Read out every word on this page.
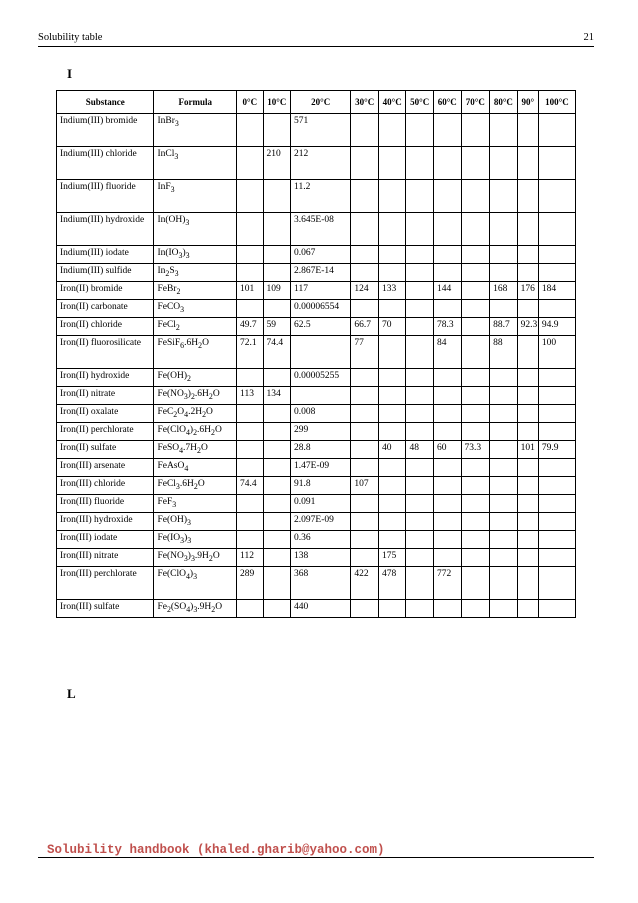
Solubility table	21
I
Substance	Formula	0°C	10°C	20°C	30°C	40°C	50°C	60°C	70°C	80°C	90°	100°C
Indium(III) bromide	InBr$_3$			571								
Indium(III) chloride	InCl$_3$		210	212								
Indium(III) fluoride	InF$_3$			11.2								
Indium(III) hydroxide	$In(OH)_3$			3.645E-08								
Indium(III) iodate	$In(IO_3)_3$			0.067								
Indium(III) sulfide	$In_2S_3$			2.867E-14								
Iron(II) bromide	FeBr$_2$	101	109	117	124	133		144		168	176	184
Iron(II) carbonate	FeCO$_3$			0.00006554								
Iron(II) chloride	FeCl$_2$	49.7	59	62.5	66.7	70		78.3		88.7	92.3	94.9
Iron(II) fluorosilicate	$FeSiF_6.6H_2O$	72.1	74.4		77			84		88		100
Iron(II) hydroxide	$Fe(OH)_2$			0.00005255								
Iron(II) nitrate	$Fe(NO_3)_2.6H_2O$	113	134									
Iron(II) oxalate	$FeC_2O_4.2H_2O$			0.008								
Iron(II) perchlorate	$Fe(ClO_4)_2.6H_2O$			299								
Iron(II) sulfate	$FeSO_4.7H_2O$			28.8		40	48	60	73.3		101	79.9
Iron(III) arsenate	FeAsO$_4$			1.47E-09								
Iron(III) chloride	$FeCl_3.6H_2O$	74.4		91.8	107							
Iron(III) fluoride	FeF$_3$			0.091								
Iron(III) hydroxide	$Fe(OH)_3$			2.097E-09								
Iron(III) iodate	$Fe(IO_3)_3$			0.36								
Iron(III) nitrate	$Fe(NO_3)_3.9H_2O$	112		138		175						
Iron(III) perchlorate	$Fe(ClO_4)_3$	289		368	422	478		772				
Iron(III) sulfate	$Fe_2(SO_4)_3.9H_2O$			440								
L
Solubility handbook (khaled.gharib@yahoo.com)
